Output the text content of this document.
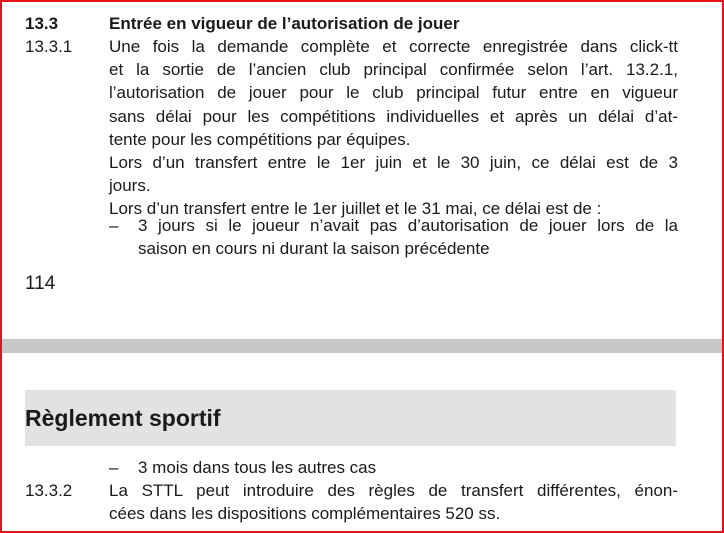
13.3	Entrée en vigueur de l’autorisation de jouer
13.3.1 Une fois la demande complète et correcte enregistrée dans click-tt
et la sortie de l’ancien club principal confirmée selon l’art. 13.2.1,
l’autorisation de jouer pour le club principal futur entre en vigueur
sans délai pour les compétitions individuelles et après un délai d’at-
tente pour les compétitions par équipes.
Lors d’un transfert entre le 1er juin et le 30 juin, ce délai est de 3
jours.
Lors d’un transfert entre le 1er juillet et le 31 mai, ce délai est de :
– 3 jours si le joueur n’avait pas d’autorisation de jouer lors de la
saison en cours ni durant la saison précédente
114
Règlement sportif
– 3 mois dans tous les autres cas
13.3.2 La STTL peut introduire des règles de transfert différentes, énon-
cées dans les dispositions complémentaires 520 ss.
